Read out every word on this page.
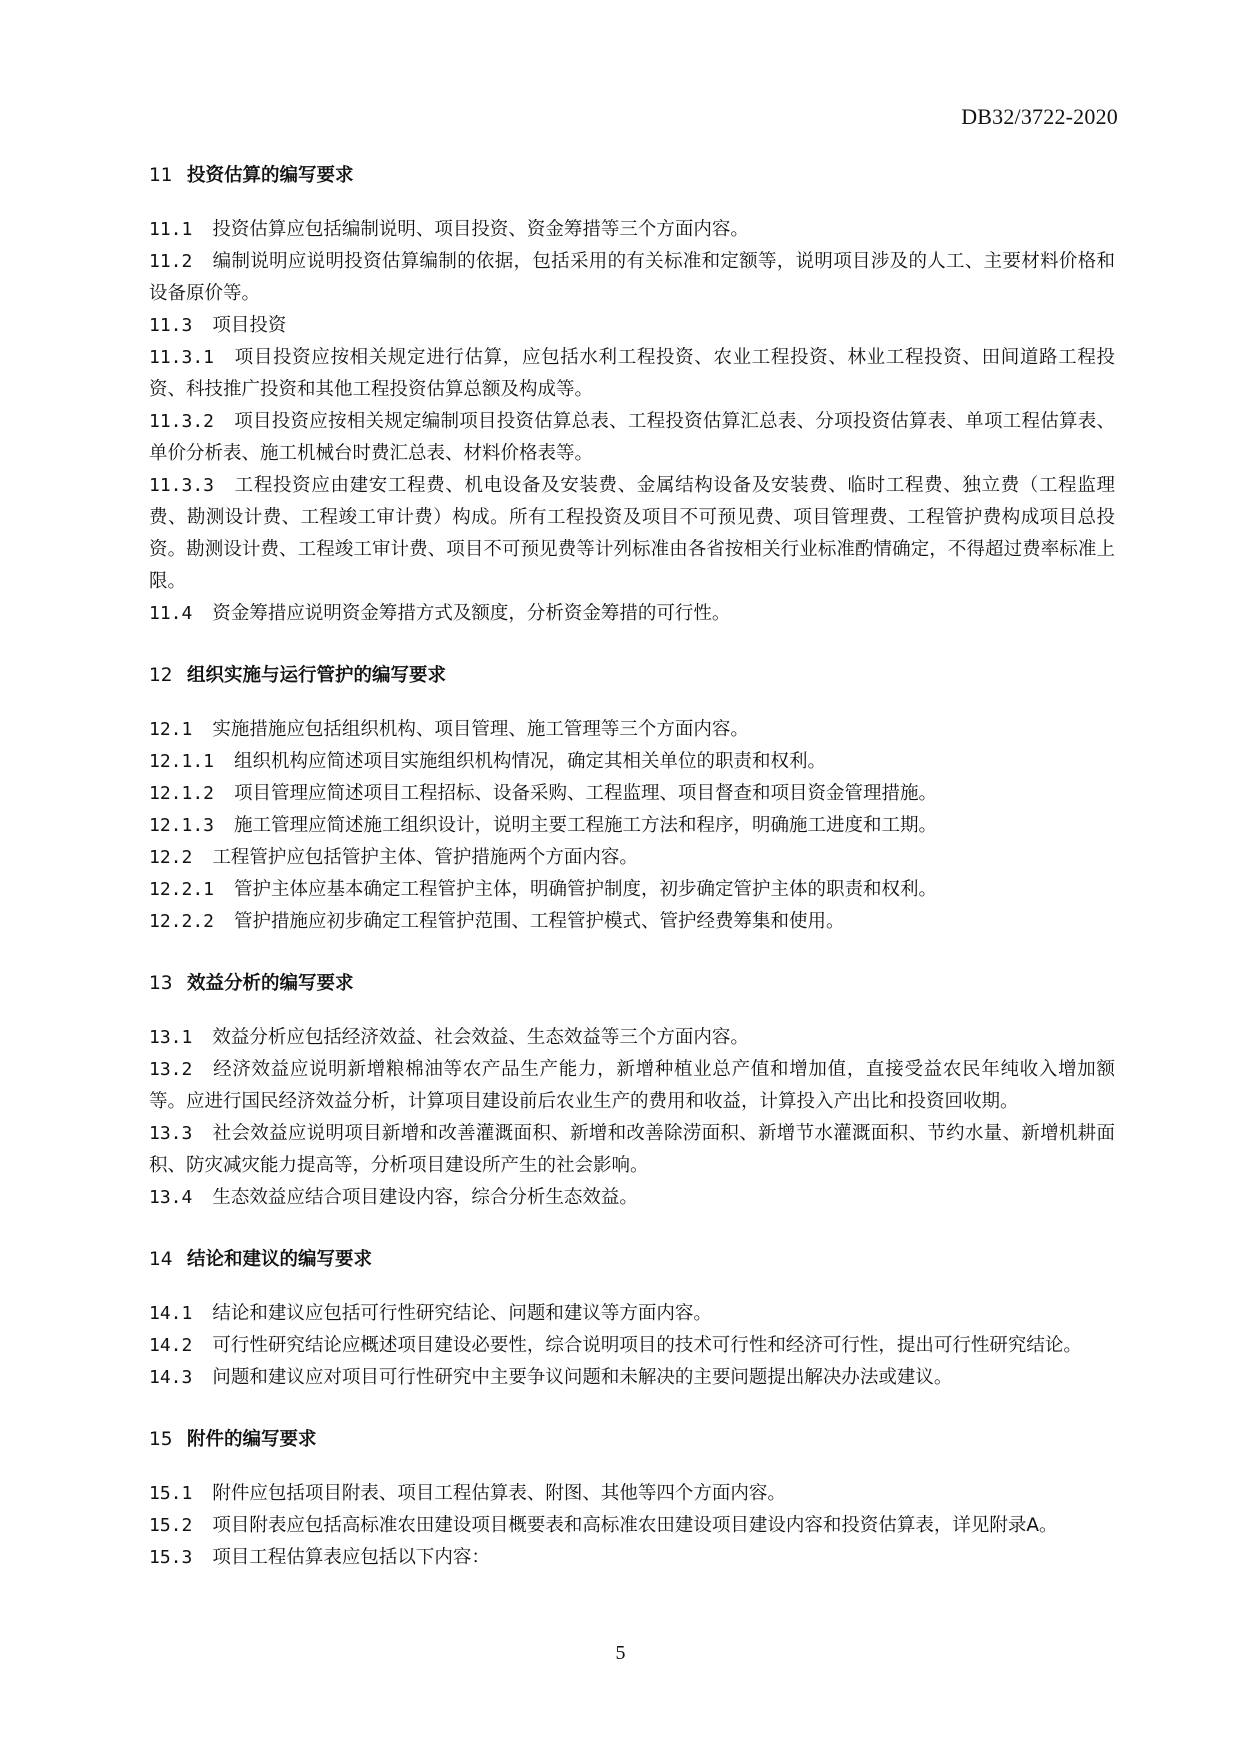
DB32/3722-2020
11 投资估算的编写要求
11.1 投资估算应包括编制说明、项目投资、资金筹措等三个方面内容。
11.2 编制说明应说明投资估算编制的依据，包括采用的有关标准和定额等，说明项目涉及的人工、主要材料价格和设备原价等。
11.3 项目投资
11.3.1 项目投资应按相关规定进行估算，应包括水利工程投资、农业工程投资、林业工程投资、田间道路工程投资、科技推广投资和其他工程投资估算总额及构成等。
11.3.2 项目投资应按相关规定编制项目投资估算总表、工程投资估算汇总表、分项投资估算表、单项工程估算表、单价分析表、施工机械台时费汇总表、材料价格表等。
11.3.3 工程投资应由建安工程费、机电设备及安装费、金属结构设备及安装费、临时工程费、独立费（工程监理费、勘测设计费、工程竣工审计费）构成。所有工程投资及项目不可预见费、项目管理费、工程管护费构成项目总投资。勘测设计费、工程竣工审计费、项目不可预见费等计列标准由各省按相关行业标准酌情确定，不得超过费率标准上限。
11.4 资金筹措应说明资金筹措方式及额度，分析资金筹措的可行性。
12 组织实施与运行管护的编写要求
12.1 实施措施应包括组织机构、项目管理、施工管理等三个方面内容。
12.1.1 组织机构应简述项目实施组织机构情况，确定其相关单位的职责和权利。
12.1.2 项目管理应简述项目工程招标、设备采购、工程监理、项目督查和项目资金管理措施。
12.1.3 施工管理应简述施工组织设计，说明主要工程施工方法和程序，明确施工进度和工期。
12.2 工程管护应包括管护主体、管护措施两个方面内容。
12.2.1 管护主体应基本确定工程管护主体，明确管护制度，初步确定管护主体的职责和权利。
12.2.2 管护措施应初步确定工程管护范围、工程管护模式、管护经费筹集和使用。
13 效益分析的编写要求
13.1 效益分析应包括经济效益、社会效益、生态效益等三个方面内容。
13.2 经济效益应说明新增粮棉油等农产品生产能力，新增种植业总产值和增加值，直接受益农民年纯收入增加额等。应进行国民经济效益分析，计算项目建设前后农业生产的费用和收益，计算投入产出比和投资回收期。
13.3 社会效益应说明项目新增和改善灌溉面积、新增和改善除涝面积、新增节水灌溉面积、节约水量、新增机耕面积、防灾减灾能力提高等，分析项目建设所产生的社会影响。
13.4 生态效益应结合项目建设内容，综合分析生态效益。
14 结论和建议的编写要求
14.1 结论和建议应包括可行性研究结论、问题和建议等方面内容。
14.2 可行性研究结论应概述项目建设必要性，综合说明项目的技术可行性和经济可行性，提出可行性研究结论。
14.3 问题和建议应对项目可行性研究中主要争议问题和未解决的主要问题提出解决办法或建议。
15 附件的编写要求
15.1 附件应包括项目附表、项目工程估算表、附图、其他等四个方面内容。
15.2 项目附表应包括高标准农田建设项目概要表和高标准农田建设项目建设内容和投资估算表，详见附录A。
15.3 项目工程估算表应包括以下内容：
5
